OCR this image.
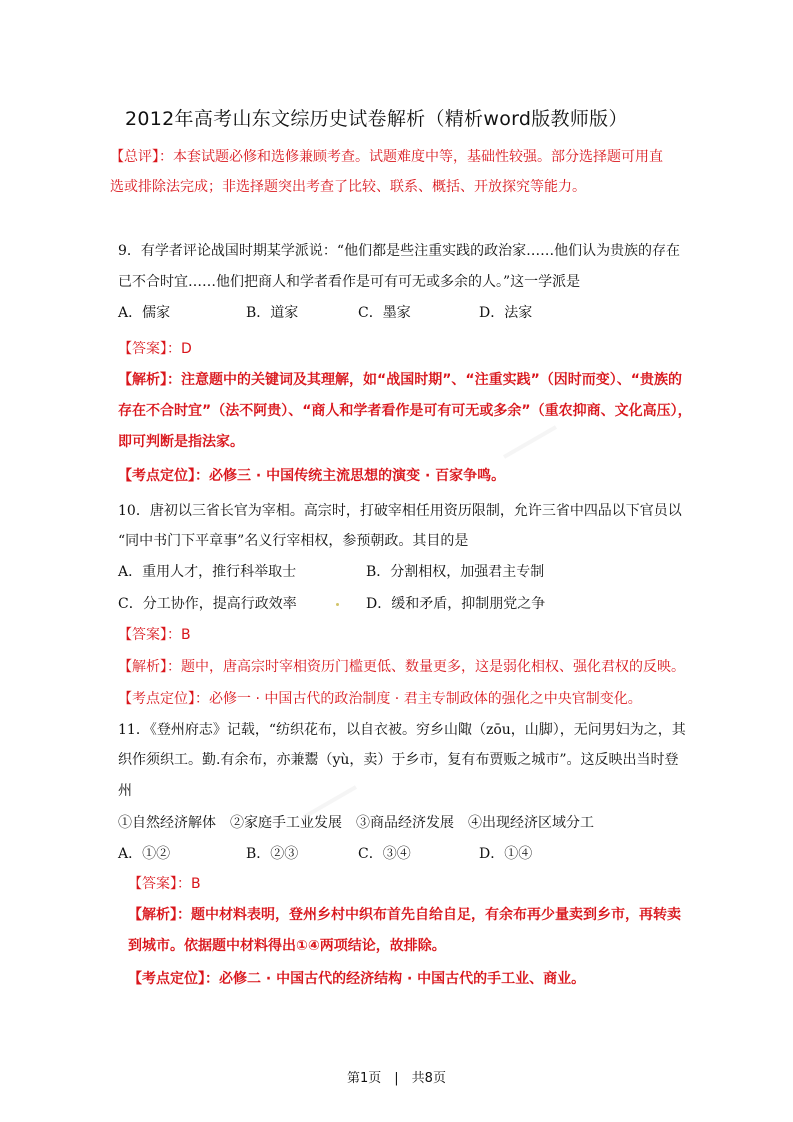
2012年高考山东文综历史试卷解析（精析word版教师版）
【总评】：本套试题必修和选修兼顾考查。试题难度中等，基础性较强。部分选择题可用直
选或排除法完成；非选择题突出考查了比较、联系、概括、开放探究等能力。
9．有学者评论战国时期某学派说：“他们都是些注重实践的政治家……他们认为贵族的存在
已不合时宜……他们把商人和学者看作是可有可无或多余的人。”这一学派是
A．儒家	B．道家	C．墨家	D．法家
【答案】：D
【解析】：注意题中的关键词及其理解，如“战国时期”、“注重实践”（因时而变）、“贵族的
存在不合时宜”（法不阿贵）、“商人和学者看作是可有可无或多余”（重农抑商、文化高压），
即可判断是指法家。
【考点定位】：必修三 · 中国传统主流思想的演变 · 百家争鸣。
10．唐初以三省长官为宰相。高宗时，打破宰相任用资历限制，允许三省中四品以下官员以
“同中书门下平章事”名义行宰相权，参预朝政。其目的是
A．重用人才，推行科举取士	B．分割相权，加强君主专制
C．分工协作，提高行政效率	D．缓和矛盾，抑制朋党之争
【答案】：B
【解析】：题中，唐高宗时宰相资历门槛更低、数量更多，这是弱化相权、强化君权的反映。
【考点定位】：必修一 · 中国古代的政治制度 · 君主专制政体的强化之中央官制变化。
11．《登州府志》记载，“纺织花布，以自衣被。穷乡山陬（zōu，山脚），无问男妇为之，其
织作须织工。勤.有余布，亦兼鬻（yù，卖）于乡市，复有布贾贩之城市”。这反映出当时登
州
①自然经济解体　②家庭手工业发展　③商品经济发展　④出现经济区域分工
A．①②	B．②③	C．③④	D．①④
【答案】：B
【解析】：题中材料表明，登州乡村中织布首先自给自足，有余布再少量卖到乡市，再转卖
到城市。依据题中材料得出①④两项结论，故排除。
【考点定位】：必修二 · 中国古代的经济结构 · 中国古代的手工业、商业。
第1页　|　共8页
